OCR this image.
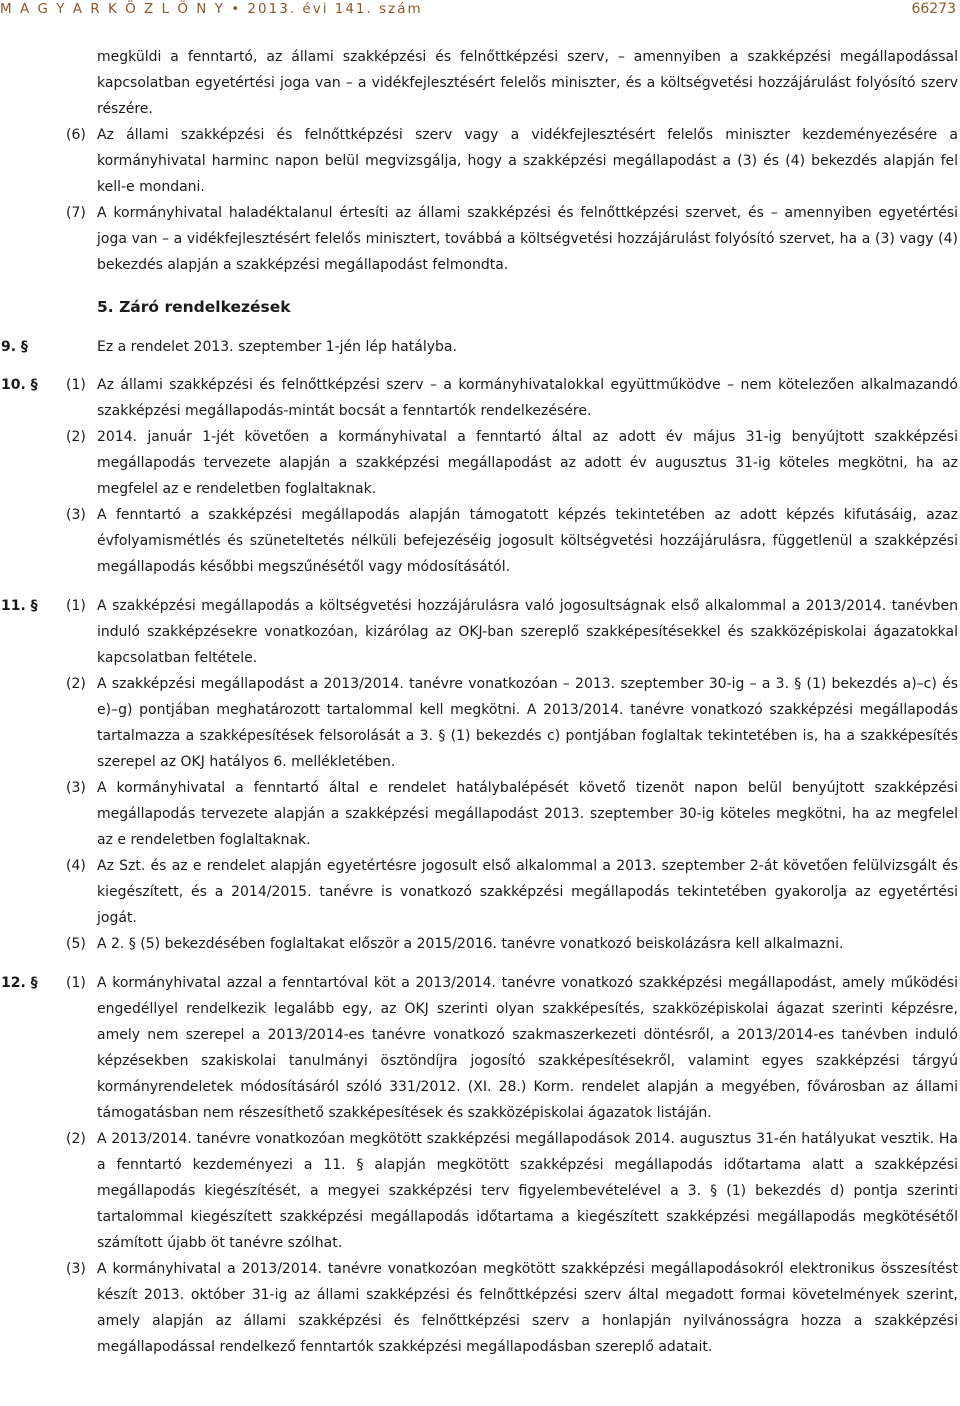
M A G Y A R K Ö Z L Ö N Y • 2013. évi 141. szám	66273

megküldi a fenntartó, az állami szakképzési és felnőttképzési szerv, – amennyiben a szakképzési megállapodással kapcsolatban egyetértési joga van – a vidékfejlesztésért felelős miniszter, és a költségvetési hozzájárulást folyósító szerv részére.

(6) Az állami szakképzési és felnőttképzési szerv vagy a vidékfejlesztésért felelős miniszter kezdeményezésére a kormányhivatal harminc napon belül megvizsgálja, hogy a szakképzési megállapodást a (3) és (4) bekezdés alapján fel kell-e mondani.

(7) A kormányhivatal haladéktalanul értesíti az állami szakképzési és felnőttképzési szervet, és – amennyiben egyetértési joga van – a vidékfejlesztésért felelős minisztert, továbbá a költségvetési hozzájárulást folyósító szervet, ha a (3) vagy (4) bekezdés alapján a szakképzési megállapodást felmondta.

5. Záró rendelkezések
9. §	Ez a rendelet 2013. szeptember 1-jén lép hatályba.

10. § (1) Az állami szakképzési és felnőttképzési szerv – a kormányhivatalokkal együttműködve – nem kötelezően alkalmazandó szakképzési megállapodás-mintát bocsát a fenntartók rendelkezésére.

(2) 2014. január 1-jét követően a kormányhivatal a fenntartó által az adott év május 31-ig benyújtott szakképzési megállapodás tervezete alapján a szakképzési megállapodást az adott év augusztus 31-ig köteles megkötni, ha az megfelel az e rendeletben foglaltaknak.

(3) A fenntartó a szakképzési megállapodás alapján támogatott képzés tekintetében az adott képzés kifutásáig, azaz évfolyamismétlés és szüneteltetés nélküli befejezéséig jogosult költségvetési hozzájárulásra, függetlenül a szakképzési megállapodás későbbi megszűnésétől vagy módosításától.

11. § (1) A szakképzési megállapodás a költségvetési hozzájárulásra való jogosultságnak első alkalommal a 2013/2014. tanévben induló szakképzésekre vonatkozóan, kizárólag az OKJ-ban szereplő szakképesítésekkel és szakközépiskolai ágazatokkal kapcsolatban feltétele.

(2) A szakképzési megállapodást a 2013/2014. tanévre vonatkozóan – 2013. szeptember 30-ig – a 3. § (1) bekezdés a)–c) és e)–g) pontjában meghatározott tartalommal kell megkötni. A 2013/2014. tanévre vonatkozó szakképzési megállapodás tartalmazza a szakképesítések felsorolását a 3. § (1) bekezdés c) pontjában foglaltak tekintetében is, ha a szakképesítés szerepel az OKJ hatályos 6. mellékletében.

(3) A kormányhivatal a fenntartó által e rendelet hatálybalépését követő tizenöt napon belül benyújtott szakképzési megállapodás tervezete alapján a szakképzési megállapodást 2013. szeptember 30-ig köteles megkötni, ha az megfelel az e rendeletben foglaltaknak.

(4) Az Szt. és az e rendelet alapján egyetértésre jogosult első alkalommal a 2013. szeptember 2-át követően felülvizsgált és kiegészített, és a 2014/2015. tanévre is vonatkozó szakképzési megállapodás tekintetében gyakorolja az egyetértési jogát.

(5) A 2. § (5) bekezdésében foglaltakat először a 2015/2016. tanévre vonatkozó beiskolázásra kell alkalmazni.

12. § (1) A kormányhivatal azzal a fenntartóval köt a 2013/2014. tanévre vonatkozó szakképzési megállapodást, amely működési engedéllyel rendelkezik legalább egy, az OKJ szerinti olyan szakképesítés, szakközépiskolai ágazat szerinti képzésre, amely nem szerepel a 2013/2014-es tanévre vonatkozó szakmaszerkezeti döntésről, a 2013/2014-es tanévben induló képzésekben szakiskolai tanulmányi ösztöndíjra jogosító szakképesítésekről, valamint egyes szakképzési tárgyú kormányrendeletek módosításáról szóló 331/2012. (XI. 28.) Korm. rendelet alapján a megyében, fővárosban az állami támogatásban nem részesíthető szakképesítések és szakközépiskolai ágazatok listáján.

(2) A 2013/2014. tanévre vonatkozóan megkötött szakképzési megállapodások 2014. augusztus 31-én hatályukat vesztik. Ha a fenntartó kezdeményezi a 11. § alapján megkötött szakképzési megállapodás időtartama alatt a szakképzési megállapodás kiegészítését, a megyei szakképzési terv figyelembevételével a 3. § (1) bekezdés d) pontja szerinti tartalommal kiegészített szakképzési megállapodás időtartama a kiegészített szakképzési megállapodás megkötésétől számított újabb öt tanévre szólhat.

(3) A kormányhivatal a 2013/2014. tanévre vonatkozóan megkötött szakképzési megállapodásokról elektronikus összesítést készít 2013. október 31-ig az állami szakképzési és felnőttképzési szerv által megadott formai követelmények szerint, amely alapján az állami szakképzési és felnőttképzési szerv a honlapján nyilvánosságra hozza a szakképzési megállapodással rendelkező fenntartók szakképzési megállapodásban szereplő adatait.
